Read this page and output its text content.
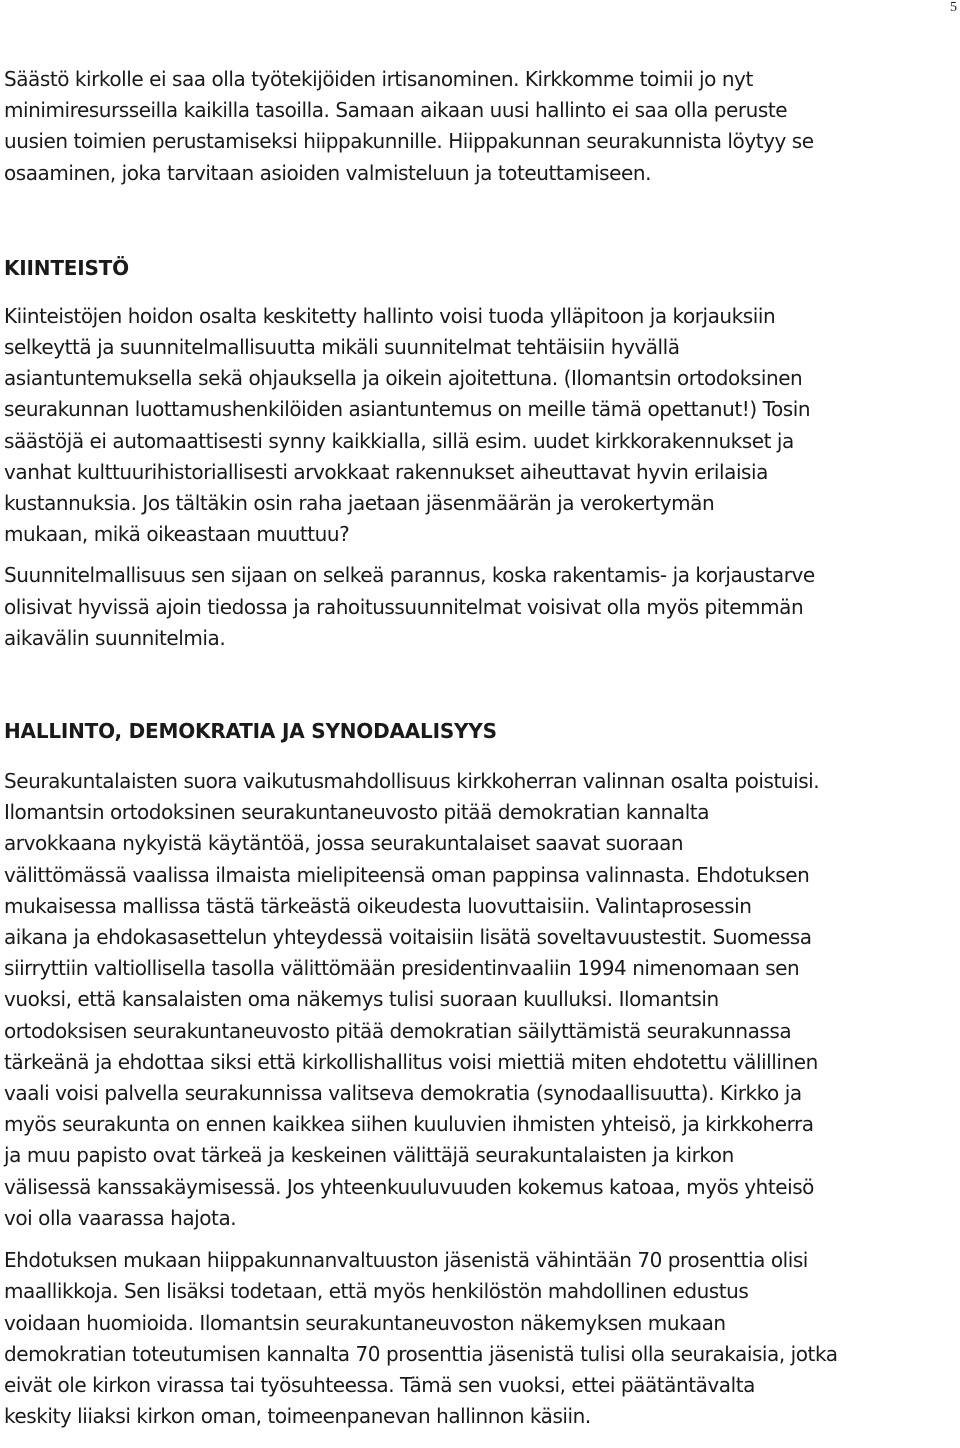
5

Säästö kirkolle ei saa olla työtekijöiden irtisanominen. Kirkkomme toimii jo nyt
minimiresursseilla kaikilla tasoilla. Samaan aikaan uusi hallinto ei saa olla peruste
uusien toimien perustamiseksi hiippakunnille. Hiippakunnan seurakunnista löytyy se
osaaminen, joka tarvitaan asioiden valmisteluun ja toteuttamiseen.

KIINTEISTÖ

Kiinteistöjen hoidon osalta keskitetty hallinto voisi tuoda ylläpitoon ja korjauksiin
selkeyttä ja suunnitelmallisuutta mikäli suunnitelmat tehtäisiin hyvällä
asiantuntemuksella sekä ohjauksella ja oikein ajoitettuna. (Ilomantsin ortodoksinen
seurakunnan luottamushenkilöiden asiantuntemus on meille tämä opettanut!) Tosin
säästöjä ei automaattisesti synny kaikkialla, sillä esim. uudet kirkkorakennukset ja
vanhat kulttuurihistoriallisesti arvokkaat rakennukset aiheuttavat hyvin erilaisia
kustannuksia. Jos tältäkin osin raha jaetaan jäsenmäärän ja verokertymän
mukaan, mikä oikeastaan muuttuu?

Suunnitelmallisuus sen sijaan on selkeä parannus, koska rakentamis- ja korjaustarve
olisivat hyvissä ajoin tiedossa ja rahoitussuunnitelmat voisivat olla myös pitemmän
aikavälin suunnitelmia.

HALLINTO, DEMOKRATIA JA SYNODAALISYYS

Seurakuntalaisten suora vaikutusmahdollisuus kirkkoherran valinnan osalta poistuisi.
Ilomantsin ortodoksinen seurakuntaneuvosto pitää demokratian kannalta
arvokkaana nykyistä käytäntöä, jossa seurakuntalaiset saavat suoraan
välittömässä vaalissa ilmaista mielipiteensä oman pappinsa valinnasta. Ehdotuksen
mukaisessa mallissa tästä tärkeästä oikeudesta luovuttaisiin. Valintaprosessin
aikana ja ehdokasasettelun yhteydessä voitaisiin lisätä soveltavuustestit. Suomessa
siirryttiin valtiollisella tasolla välittömään presidentinvaaliin 1994 nimenomaan sen
vuoksi, että kansalaisten oma näkemys tulisi suoraan kuulluksi. Ilomantsin
ortodoksisen seurakuntaneuvosto pitää demokratian säilyttämistä seurakunnassa
tärkeänä ja ehdottaa siksi että kirkollishallitus voisi miettiä miten ehdotettu välillinen
vaali voisi palvella seurakunnissa valitseva demokratia (synodaallisuutta). Kirkko ja
myös seurakunta on ennen kaikkea siihen kuuluvien ihmisten yhteisö, ja kirkkoherra
ja muu papisto ovat tärkeä ja keskeinen välittäjä seurakuntalaisten ja kirkon
välisessä kanssakäymisessä. Jos yhteenkuuluvuuden kokemus katoaa, myös yhteisö
voi olla vaarassa hajota.

Ehdotuksen mukaan hiippakunnanvaltuuston jäsenistä vähintään 70 prosenttia olisi
maallikkoja. Sen lisäksi todetaan, että myös henkilöstön mahdollinen edustus
voidaan huomioida. Ilomantsin seurakuntaneuvoston näkemyksen mukaan
demokratian toteutumisen kannalta 70 prosenttia jäsenistä tulisi olla seurakaisia, jotka
eivät ole kirkon virassa tai työsuhteessa. Tämä sen vuoksi, ettei päätäntävalta
keskity liiaksi kirkon oman, toimeenpanevan hallinnon käsiin.
